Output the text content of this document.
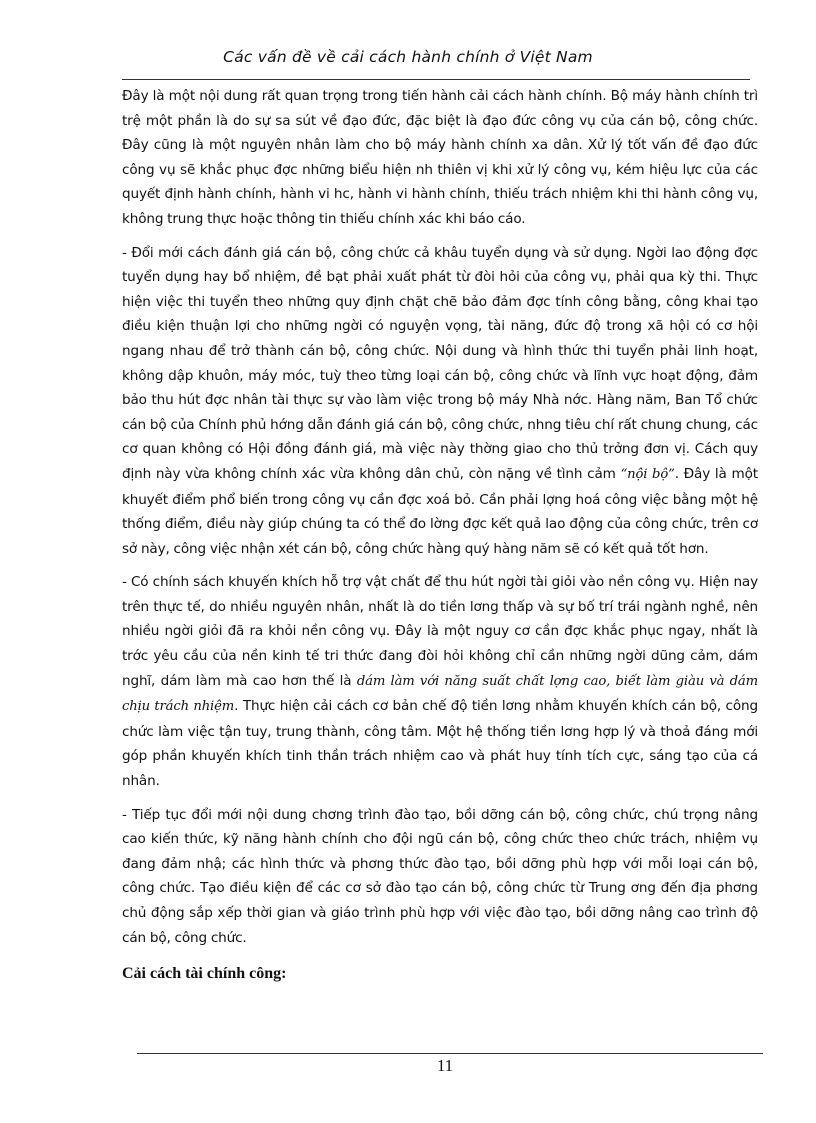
Các vấn đề về cải cách hành chính ở Việt Nam

Đây là một nội dung rất quan trọng trong tiến hành cải cách hành chính. Bộ máy hành chính trì trệ một phần là do sự sa sút về đạo đức, đặc biệt là đạo đức công vụ của cán bộ, công chức. Đây cũng là một nguyên nhân làm cho bộ máy hành chính xa dân. Xử lý tốt vấn đề đạo đức công vụ sẽ khắc phục đợc những biểu hiện nh thiên vị khi xử lý công vụ, kém hiệu lực của các quyết định hành chính, hành vi hc, hành vi hành chính, thiếu trách nhiệm khi thi hành công vụ, không trung thực hoặc thông tin thiếu chính xác khi báo cáo.

- Đổi mới cách đánh giá cán bộ, công chức cả khâu tuyển dụng và sử dụng. Ngời lao động đợc tuyển dụng hay bổ nhiệm, đề bạt phải xuất phát từ đòi hỏi của công vụ, phải qua kỳ thi. Thực hiện việc thi tuyển theo những quy định chặt chẽ bảo đảm đợc tính công bằng, công khai tạo điều kiện thuận lợi cho những ngời có nguyện vọng, tài năng, đức độ trong xã hội có cơ hội ngang nhau để trở thành cán bộ, công chức. Nội dung và hình thức thi tuyển phải linh hoạt, không dập khuôn, máy móc, tuỳ theo từng loại cán bộ, công chức và lĩnh vực hoạt động, đảm bảo thu hút đợc nhân tài thực sự vào làm việc trong bộ máy Nhà nớc. Hàng năm, Ban Tổ chức cán bộ của Chính phủ hớng dẫn đánh giá cán bộ, công chức, nhng tiêu chí rất chung chung, các cơ quan không có Hội đồng đánh giá, mà việc này thờng giao cho thủ trởng đơn vị. Cách quy định này vừa không chính xác vừa không dân chủ, còn nặng về tình cảm “nội bộ”. Đây là một khuyết điểm phổ biến trong công vụ cần đợc xoá bỏ. Cần phải lợng hoá công việc bằng một hệ thống điểm, điều này giúp chúng ta có thể đo lờng đợc kết quả lao động của công chức, trên cơ sở này, công việc nhận xét cán bộ, công chức hàng quý hàng năm sẽ có kết quả tốt hơn.

- Có chính sách khuyến khích hỗ trợ vật chất để thu hút ngời tài giỏi vào nền công vụ. Hiện nay trên thực tế, do nhiều nguyên nhân, nhất là do tiền lơng thấp và sự bố trí trái ngành nghề, nên nhiều ngời giỏi đã ra khỏi nền công vụ. Đây là một nguy cơ cần đợc khắc phục ngay, nhất là trớc yêu cầu của nền kinh tế tri thức đang đòi hỏi không chỉ cần những ngời dũng cảm, dám nghĩ, dám làm mà cao hơn thế là dám làm với năng suất chất lợng cao, biết làm giàu và dám chịu trách nhiệm. Thực hiện cải cách cơ bản chế độ tiền lơng nhằm khuyến khích cán bộ, công chức làm việc tận tuy, trung thành, công tâm. Một hệ thống tiền lơng hợp lý và thoả đáng mới góp phần khuyến khích tinh thần trách nhiệm cao và phát huy tính tích cực, sáng tạo của cá nhân.

- Tiếp tục đổi mới nội dung chơng trình đào tạo, bồi dỡng cán bộ, công chức, chú trọng nâng cao kiến thức, kỹ năng hành chính cho đội ngũ cán bộ, công chức theo chức trách, nhiệm vụ đang đảm nhậ; các hình thức và phơng thức đào tạo, bồi dỡng phù hợp với mỗi loại cán bộ, công chức. Tạo điều kiện để các cơ sở đào tạo cán bộ, công chức từ Trung ơng đến địa phơng chủ động sắp xếp thời gian và giáo trình phù hợp với việc đào tạo, bồi dỡng nâng cao trình độ cán bộ, công chức.

Cải cách tài chính công:
11
